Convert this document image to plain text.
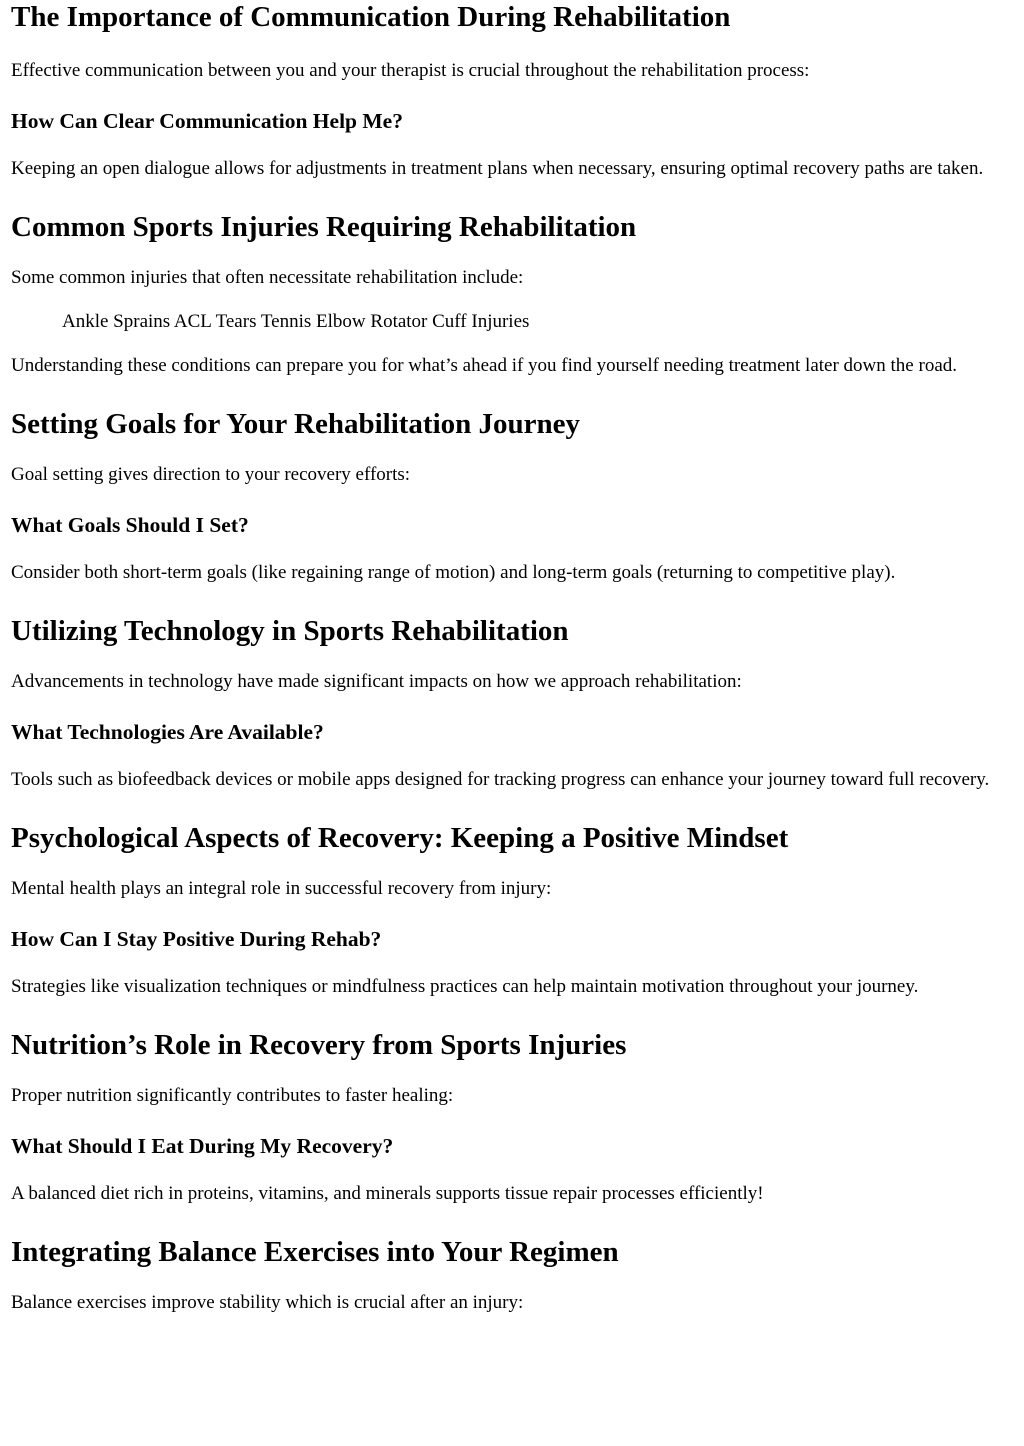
The Importance of Communication During Rehabilitation

Effective communication between you and your therapist is crucial throughout the rehabilitation process:

How Can Clear Communication Help Me?

Keeping an open dialogue allows for adjustments in treatment plans when necessary, ensuring optimal recovery paths are taken.

Common Sports Injuries Requiring Rehabilitation

Some common injuries that often necessitate rehabilitation include:

Ankle Sprains ACL Tears Tennis Elbow Rotator Cuff Injuries

Understanding these conditions can prepare you for what’s ahead if you find yourself needing treatment later down the road.

Setting Goals for Your Rehabilitation Journey

Goal setting gives direction to your recovery efforts:

What Goals Should I Set?

Consider both short-term goals (like regaining range of motion) and long-term goals (returning to competitive play).

Utilizing Technology in Sports Rehabilitation

Advancements in technology have made significant impacts on how we approach rehabilitation:

What Technologies Are Available?

Tools such as biofeedback devices or mobile apps designed for tracking progress can enhance your journey toward full recovery.

Psychological Aspects of Recovery: Keeping a Positive Mindset

Mental health plays an integral role in successful recovery from injury:

How Can I Stay Positive During Rehab?

Strategies like visualization techniques or mindfulness practices can help maintain motivation throughout your journey.

Nutrition’s Role in Recovery from Sports Injuries

Proper nutrition significantly contributes to faster healing:

What Should I Eat During My Recovery?

A balanced diet rich in proteins, vitamins, and minerals supports tissue repair processes efficiently!

Integrating Balance Exercises into Your Regimen

Balance exercises improve stability which is crucial after an injury:
